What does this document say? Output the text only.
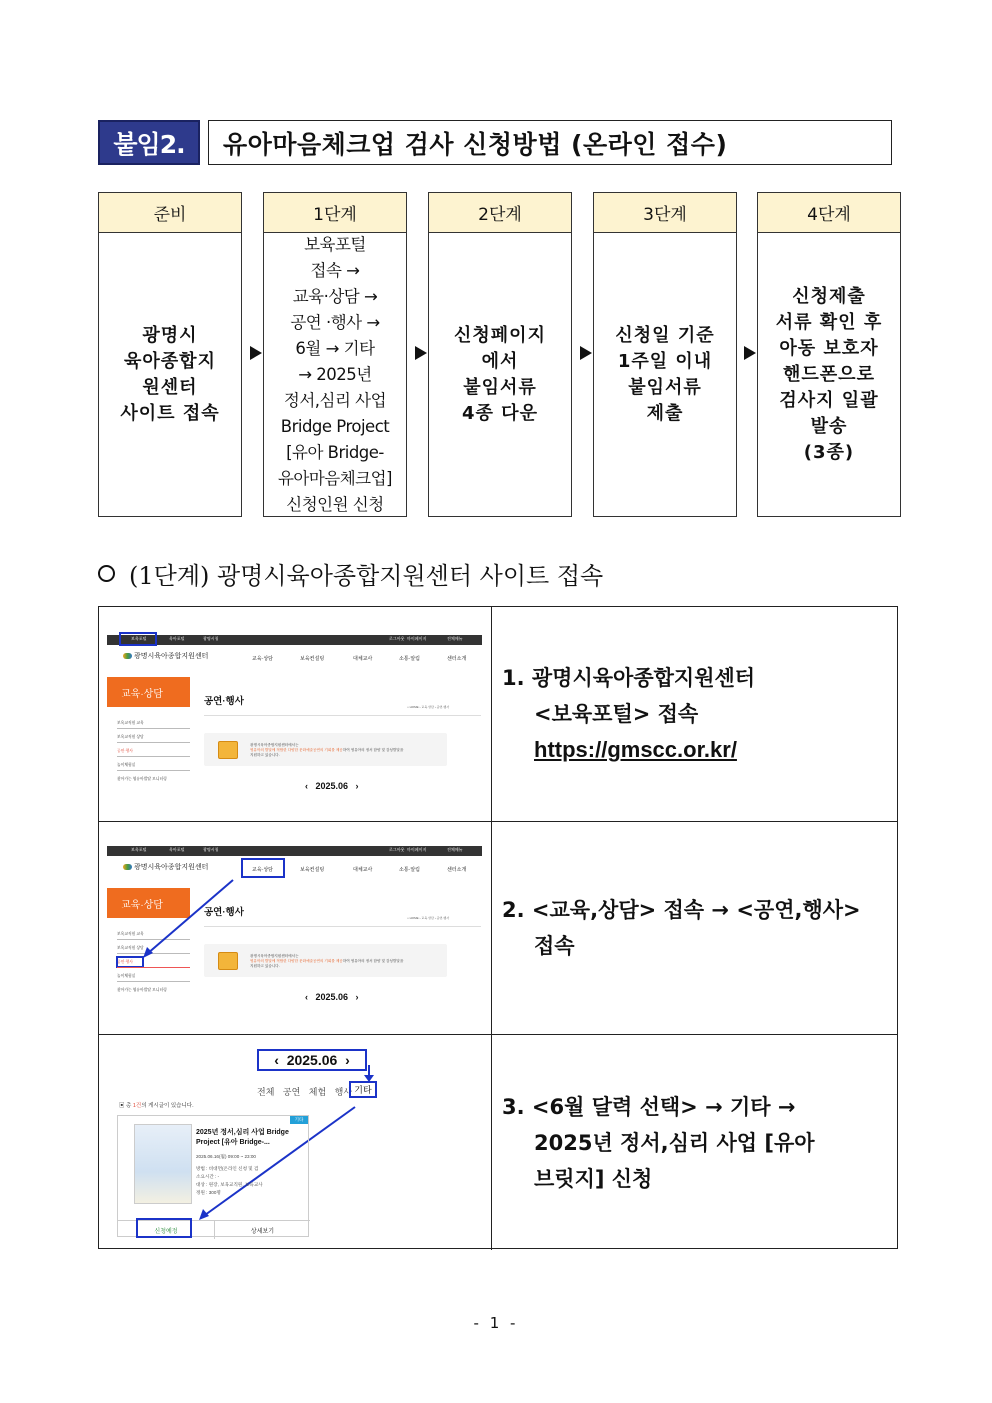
붙임2.	유아마음체크업 검사 신청방법 (온라인 접수)
준비
광명시
육아종합지
원센터
사이트 접속
1단계
보육포털
접속 →
교육·상담 →
공연 ·행사 →
6월 → 기타
→ 2025년
정서,심리 사업
Bridge Project
[유아 Bridge-
유아마음체크업]
신청인원 신청
2단계
신청페이지
에서
붙임서류
4종 다운
3단계
신청일 기준
1주일 이내
붙임서류
제출
4단계
신청제출
서류 확인 후
아동 보호자
핸드폰으로
검사지 일괄
발송
(3종)
(1단계) 광명시육아종합지원센터 사이트 접속
보육포털	육아포털	광명시청	로그아웃 마이페이지	전체메뉴
광명시육아종합지원센터	교육·상담	보육컨설팅	대체교사	소통·알림	센터소개
교육·상담
보육교직원 교육
보육교직원 상담
공연·행사
놀이체험실
찾아가는 영유아발달 모니터링
공연·행사	⌂ HOME › 교육·상담 › 공연·행사
광명시육아종합지원센터에서는
영유아의 발달에 적합한 다양한 문화예술공연의 기회를 제공하여 영유아의 정서 함양 및 감성발달을
지원하고 있습니다.
‹   2025.06   ›
1. 광명시육아종합지원센터
<보육포털> 접속
https://gmscc.or.kr/
보육포털	육아포털	광명시청	로그아웃 마이페이지	전체메뉴
광명시육아종합지원센터	교육·상담	보육컨설팅	대체교사	소통·알림	센터소개
교육·상담
보육교직원 교육
보육교직원 상담
공연·행사
놀이체험실
찾아가는 영유아발달 모니터링
공연·행사	⌂ HOME › 교육·상담 › 공연·행사
광명시육아종합지원센터에서는
영유아의 발달에 적합한 다양한 문화예술공연의 기회를 제공하여 영유아의 정서 함양 및 감성발달을
지원하고 있습니다.
‹   2025.06   ›
2. <교육,상담> 접속 → <공연,행사>
접속
‹ 2025.06 ›
전체 공연 체험 행사 기타
▣ 총 1건의 게시글이 있습니다.
기타
2025년 정서,심리 사업 Bridge Project [유아 Bridge-...
2025.06.16(월) 09:00 ~ 23:00
방법 : 비대면(온라인 신청 및 검
소요시간 : -
대상 : 원장, 보육교직원, 보육교사
정원 : 300명
신청예정	상세보기
3. <6월 달력 선택> → 기타 →
2025년 정서,심리 사업 [유아
브릿지] 신청
- 1 -
